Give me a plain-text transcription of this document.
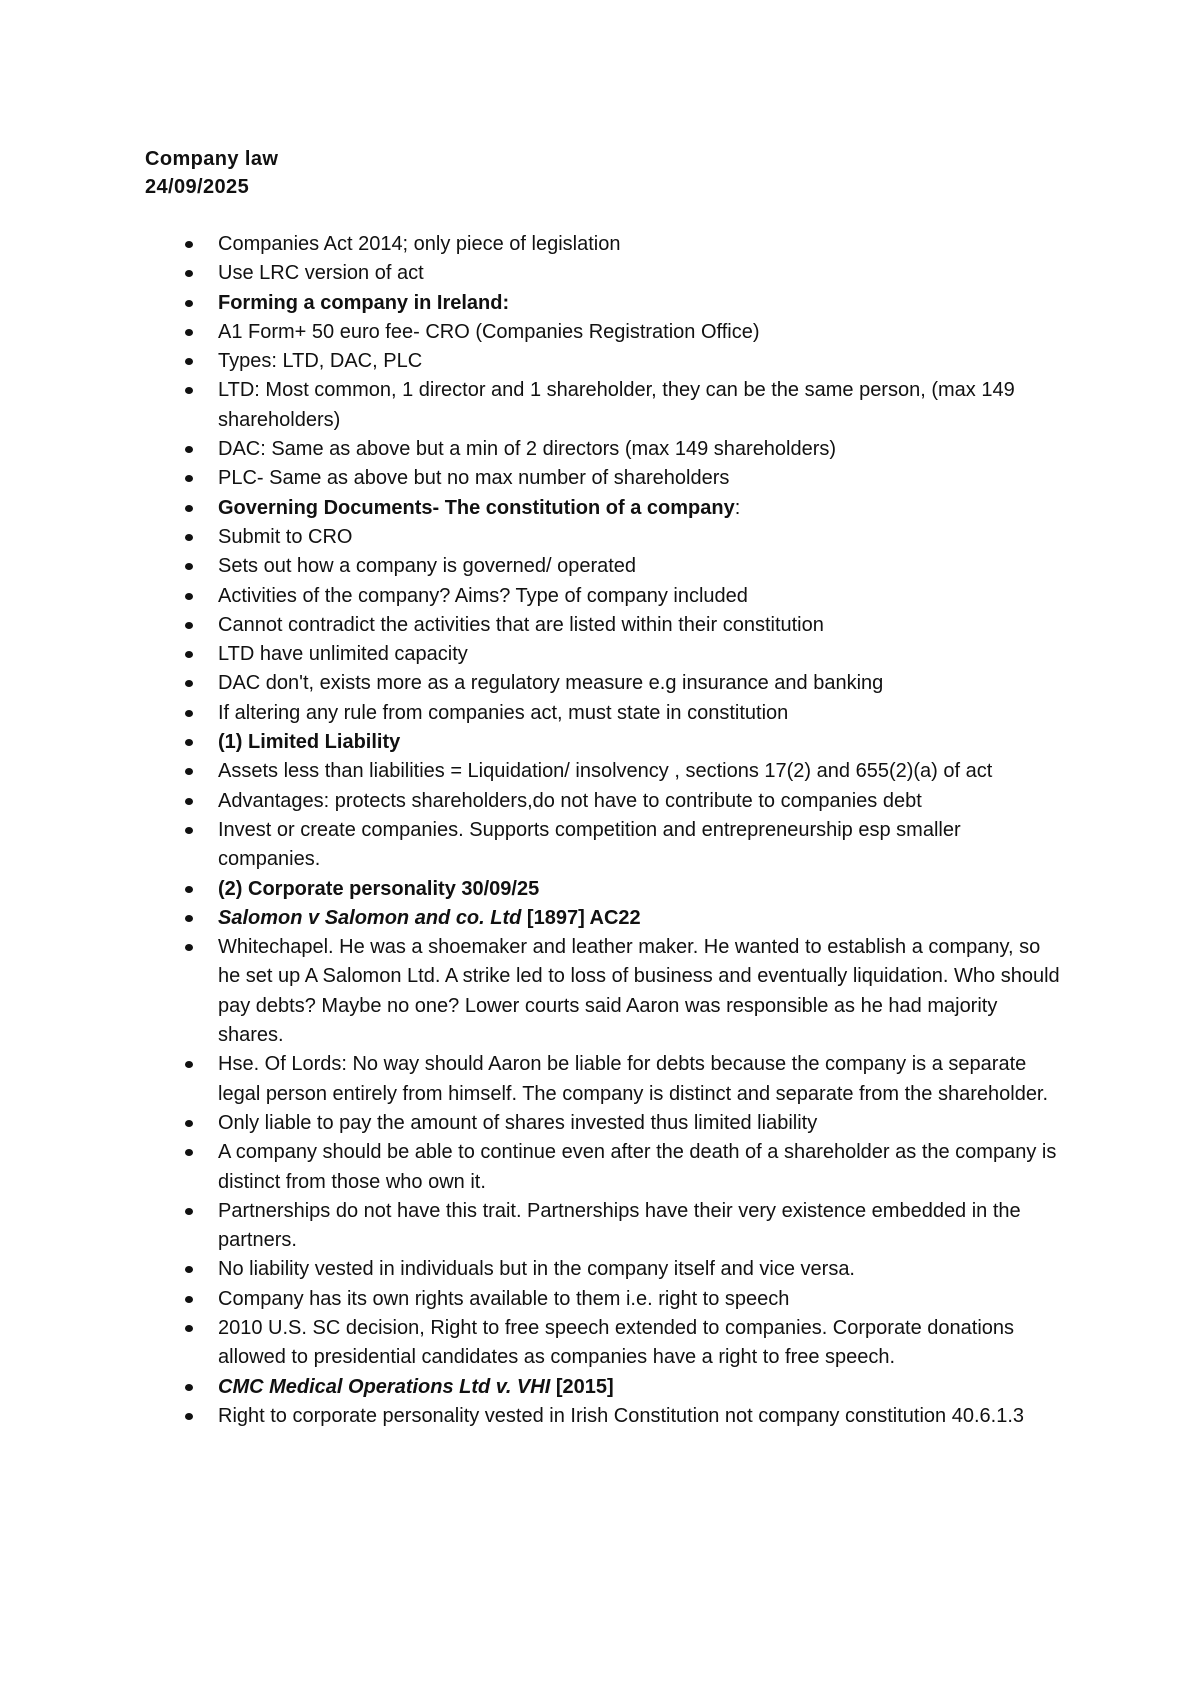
Company law
24/09/2025
Companies Act 2014; only piece of legislation
Use LRC version of act
Forming a company in Ireland:
A1 Form+ 50 euro fee- CRO (Companies Registration Office)
Types: LTD, DAC, PLC
LTD: Most common, 1 director and 1 shareholder, they can be the same person, (max 149 shareholders)
DAC: Same as above but a min of 2 directors (max 149 shareholders)
PLC- Same as above but no max number of shareholders
Governing Documents- The constitution of a company:
Submit to CRO
Sets out how a company is governed/ operated
Activities of the company? Aims? Type of company included
Cannot contradict the activities that are listed within their constitution
LTD have unlimited capacity
DAC don't, exists more as a regulatory measure e.g insurance and banking
If altering any rule from companies act, must state in constitution
(1) Limited Liability
Assets less than liabilities = Liquidation/ insolvency , sections 17(2) and 655(2)(a) of act
Advantages: protects shareholders,do not have to contribute to companies debt
Invest or create companies. Supports competition and entrepreneurship esp smaller companies.
(2) Corporate personality 30/09/25
Salomon v Salomon and co. Ltd [1897] AC22
Whitechapel. He was a shoemaker and leather maker. He wanted to establish a company, so he set up A Salomon Ltd. A strike led to loss of business and eventually liquidation. Who should pay debts? Maybe no one? Lower courts said Aaron was responsible as he had majority shares.
Hse. Of Lords: No way should Aaron be liable for debts because the company is a separate legal person entirely from himself. The company is distinct and separate from the shareholder.
Only liable to pay the amount of shares invested thus limited liability
A company should be able to continue even after the death of a shareholder as the company is distinct from those who own it.
Partnerships do not have this trait. Partnerships have their very existence embedded in the partners.
No liability vested in individuals but in the company itself and vice versa.
Company has its own rights available to them i.e. right to speech
2010 U.S. SC decision, Right to free speech extended to companies. Corporate donations allowed to presidential candidates as companies have a right to free speech.
CMC Medical Operations Ltd v. VHI [2015]
Right to corporate personality vested in Irish Constitution not company constitution 40.6.1.3
